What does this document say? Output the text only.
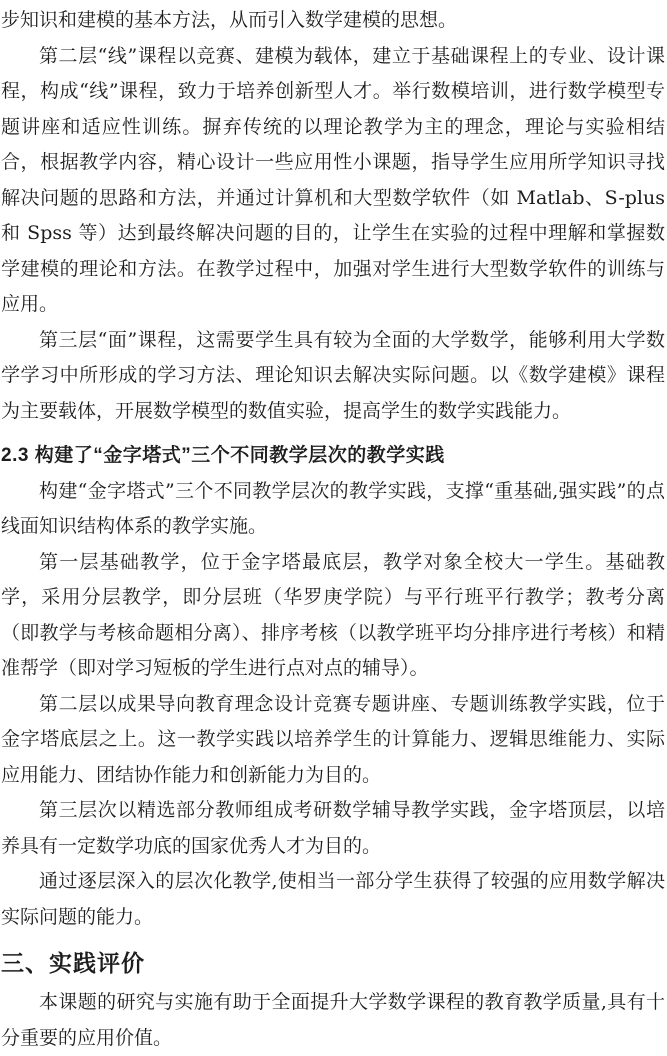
步知识和建模的基本方法，从而引入数学建模的思想。

第二层“线”课程以竞赛、建模为载体，建立于基础课程上的专业、设计课程，构成“线”课程，致力于培养创新型人才。举行数模培训，进行数学模型专题讲座和适应性训练。摒弃传统的以理论教学为主的理念，理论与实验相结合，根据教学内容，精心设计一些应用性小课题，指导学生应用所学知识寻找解决问题的思路和方法，并通过计算机和大型数学软件（如 Matlab、S-plus 和 Spss 等）达到最终解决问题的目的，让学生在实验的过程中理解和掌握数学建模的理论和方法。在教学过程中，加强对学生进行大型数学软件的训练与应用。

第三层“面”课程，这需要学生具有较为全面的大学数学，能够利用大学数学学习中所形成的学习方法、理论知识去解决实际问题。以《数学建模》课程为主要载体，开展数学模型的数值实验，提高学生的数学实践能力。

2.3 构建了“金字塔式”三个不同教学层次的教学实践

构建“金字塔式”三个不同教学层次的教学实践，支撑“重基础,强实践”的点线面知识结构体系的教学实施。

第一层基础教学，位于金字塔最底层，教学对象全校大一学生。基础教学，采用分层教学，即分层班（华罗庚学院）与平行班平行教学；教考分离（即教学与考核命题相分离）、排序考核（以教学班平均分排序进行考核）和精准帮学（即对学习短板的学生进行点对点的辅导）。

第二层以成果导向教育理念设计竞赛专题讲座、专题训练教学实践，位于金字塔底层之上。这一教学实践以培养学生的计算能力、逻辑思维能力、实际应用能力、团结协作能力和创新能力为目的。

第三层次以精选部分教师组成考研数学辅导教学实践，金字塔顶层，以培养具有一定数学功底的国家优秀人才为目的。

通过逐层深入的层次化教学,使相当一部分学生获得了较强的应用数学解决实际问题的能力。

三、实践评价

本课题的研究与实施有助于全面提升大学数学课程的教育教学质量,具有十分重要的应用价值。
